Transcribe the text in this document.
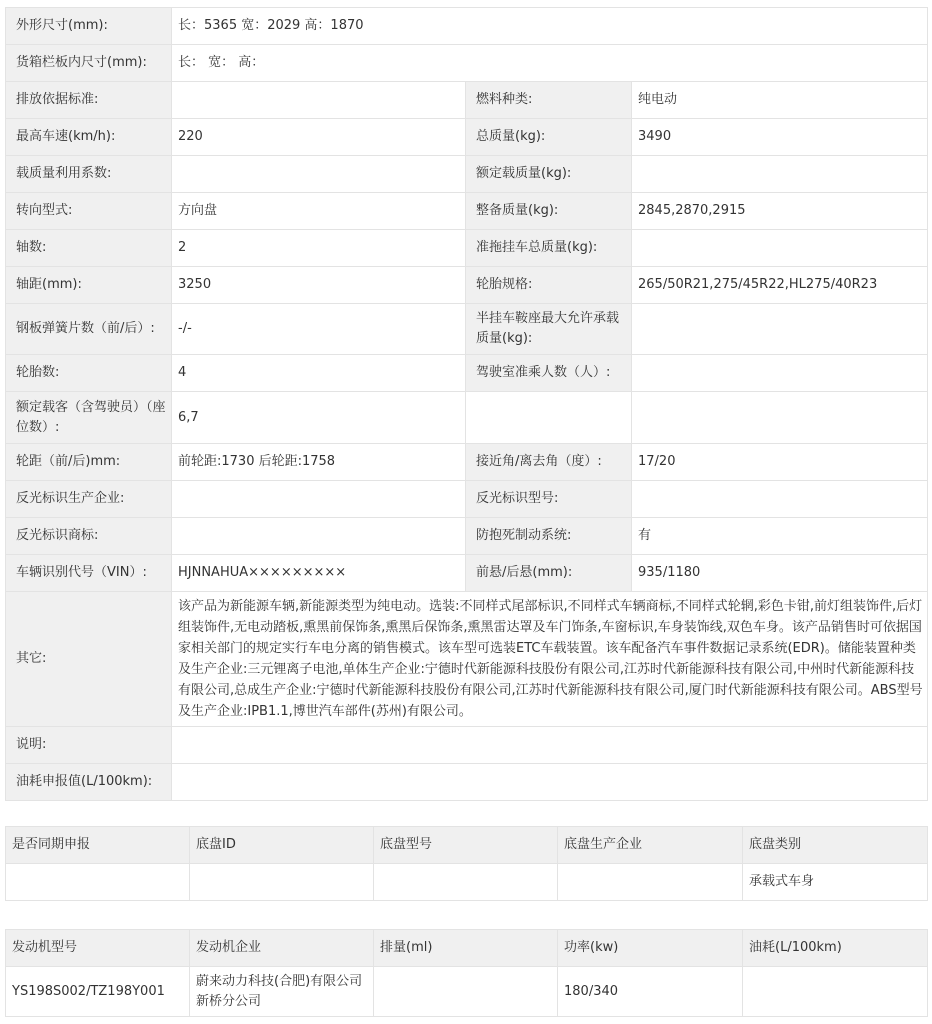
外形尺寸(mm):	长：5365 宽：2029 高：1870		
货箱栏板内尺寸(mm):	长： 宽： 高：		
排放依据标准:		燃料种类:	纯电动
最高车速(km/h):	220	总质量(kg):	3490
载质量利用系数:		额定载质量(kg):	
转向型式:	方向盘	整备质量(kg):	2845,2870,2915
轴数:	2	准拖挂车总质量(kg):	
轴距(mm):	3250	轮胎规格:	265/50R21,275/45R22,HL275/40R23
钢板弹簧片数（前/后）:	-/-	半挂车鞍座最大允许承载质量(kg):	
轮胎数:	4	驾驶室准乘人数（人）:	
额定载客（含驾驶员）（座位数）:	6,7		
轮距（前/后)mm:	前轮距:1730 后轮距:1758	接近角/离去角（度）:	17/20
反光标识生产企业:		反光标识型号:	
反光标识商标:		防抱死制动系统:	有
车辆识别代号（VIN）:	HJNNAHUA×××××××××	前悬/后悬(mm):	935/1180
其它:	该产品为新能源车辆,新能源类型为纯电动。选装:不同样式尾部标识,不同样式车辆商标,不同样式轮辋,彩色卡钳,前灯组装饰件,后灯组装饰件,无电动踏板,熏黑前保饰条,熏黑后保饰条,熏黑雷达罩及车门饰条,车窗标识,车身装饰线,双色车身。该产品销售时可依据国家相关部门的规定实行车电分离的销售模式。该车型可选装ETC车载装置。该车配备汽车事件数据记录系统(EDR)。储能装置种类及生产企业:三元锂离子电池,单体生产企业:宁德时代新能源科技股份有限公司,江苏时代新能源科技有限公司,中州时代新能源科技有限公司,总成生产企业:宁德时代新能源科技股份有限公司,江苏时代新能源科技有限公司,厦门时代新能源科技有限公司。ABS型号及生产企业:IPB1.1,博世汽车部件(苏州)有限公司。		
说明:			
油耗申报值(L/100km):			
是否同期申报	底盘ID	底盘型号	底盘生产企业	底盘类别
				承载式车身
发动机型号	发动机企业	排量(ml)	功率(kw)	油耗(L/100km)
YS198S002/TZ198Y001	蔚来动力科技(合肥)有限公司新桥分公司		180/340	
